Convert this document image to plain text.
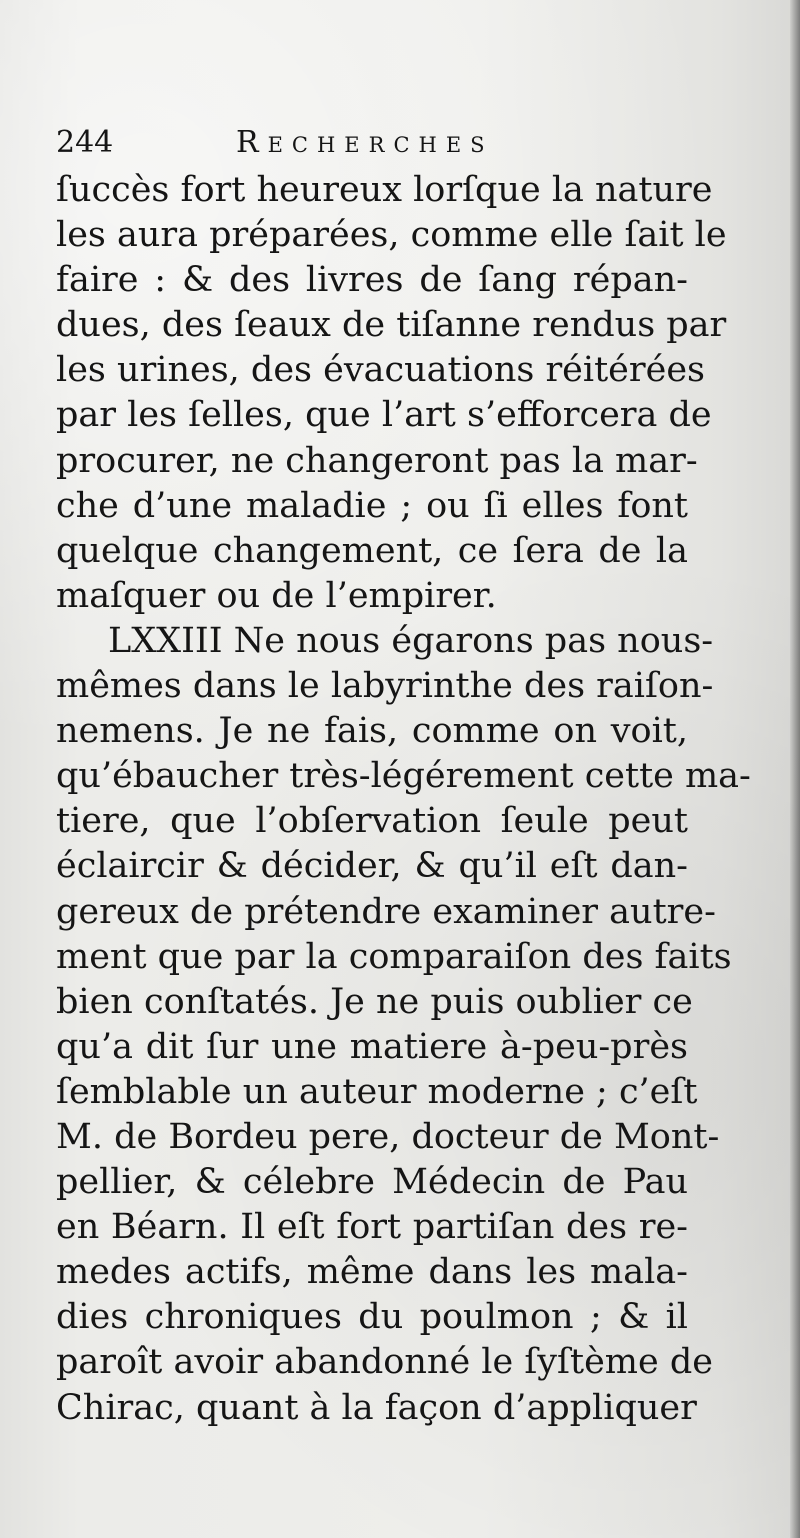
244	Recherches
ſuccès fort heureux lorſque la nature
les aura préparées, comme elle ſait le
faire : & des livres de ſang répan-
dues, des ſeaux de tiſanne rendus par
les urines, des évacuations réitérées
par les ſelles, que l’art s’efforcera de
procurer, ne changeront pas la mar-
che d’une maladie ; ou ſi elles font
quelque changement, ce ſera de la
maſquer ou de l’empirer.
LXXIII Ne nous égarons pas nous-
mêmes dans le labyrinthe des raiſon-
nemens. Je ne fais, comme on voit,
qu’ébaucher très-légérement cette ma-
tiere, que l’obſervation ſeule peut
éclaircir & décider, & qu’il eſt dan-
gereux de prétendre examiner autre-
ment que par la comparaiſon des faits
bien conſtatés. Je ne puis oublier ce
qu’a dit ſur une matiere à-peu-près
ſemblable un auteur moderne ; c’eſt
M. de Bordeu pere, docteur de Mont-
pellier, & célebre Médecin de Pau
en Béarn. Il eſt fort partiſan des re-
medes actifs, même dans les mala-
dies chroniques du poulmon ; & il
paroît avoir abandonné le ſyſtème de
Chirac, quant à la façon d’appliquer
